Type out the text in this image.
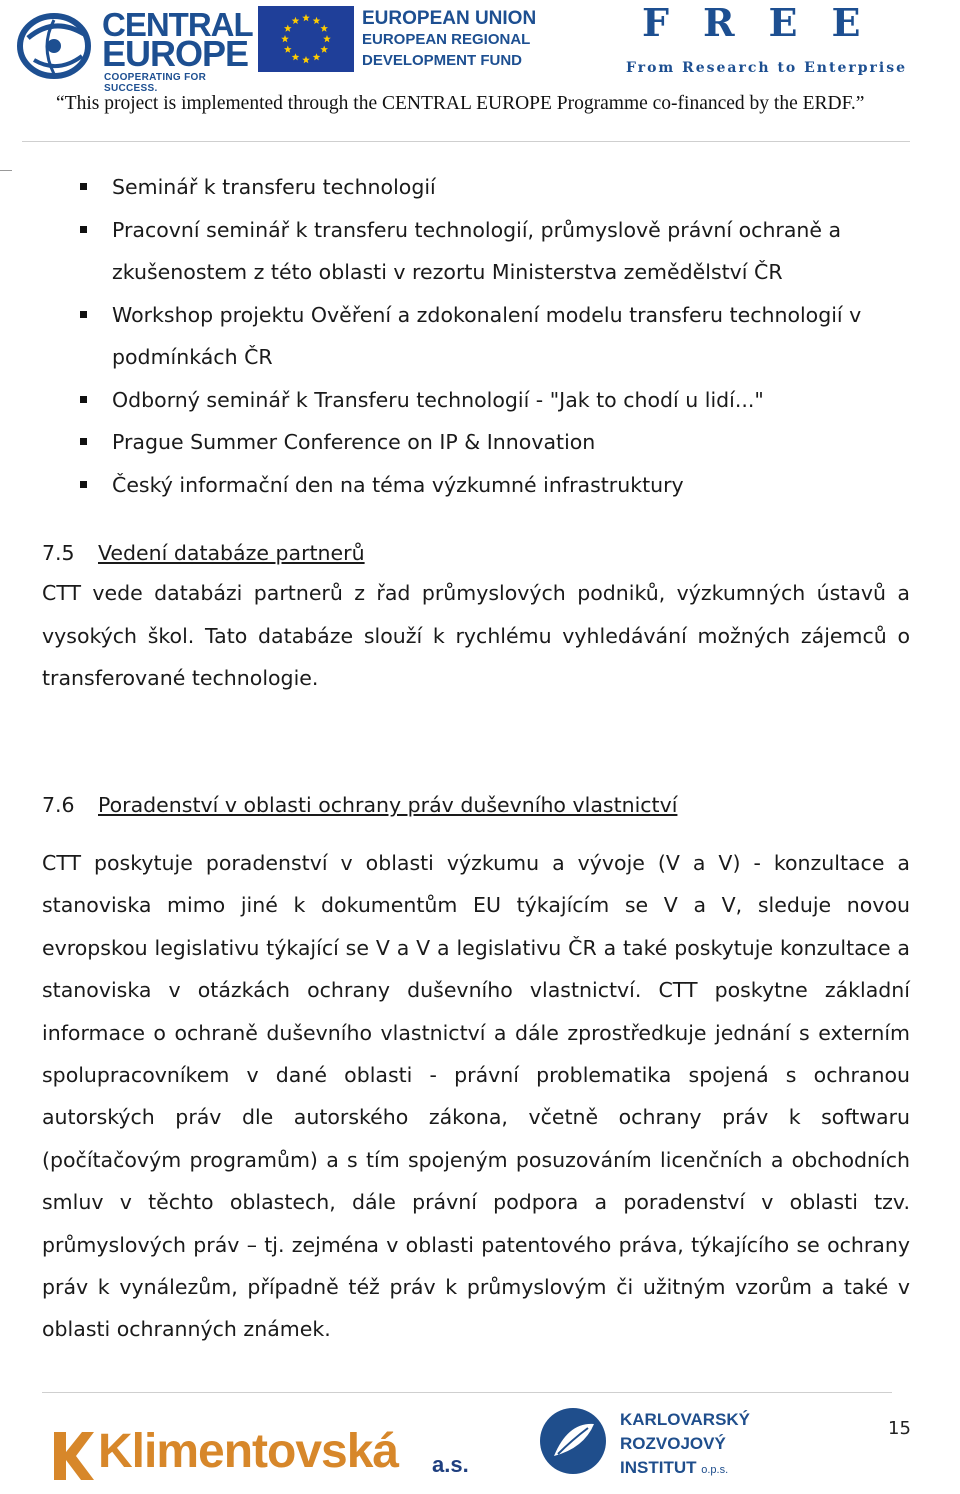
CENTRAL
EUROPE
COOPERATING FOR SUCCESS.
EUROPEAN UNION
EUROPEAN REGIONAL
DEVELOPMENT FUND
FREE
From Research to Enterprise
“This project is implemented through the CENTRAL EUROPE Programme co-financed by the ERDF.”
Seminář k transferu technologií
Pracovní seminář k transferu technologií, průmyslově právní ochraně a zkušenostem z této oblasti v rezortu Ministerstva zemědělství ČR
Workshop projektu Ověření a zdokonalení modelu transferu technologií v podmínkách ČR
Odborný seminář k Transferu technologií - "Jak to chodí u lidí..."
Prague Summer Conference on IP & Innovation
Český informační den na téma výzkumné infrastruktury
7.5 Vedení databáze partnerů

CTT vede databázi partnerů z řad průmyslových podniků, výzkumných ústavů a vysokých škol. Tato databáze slouží k rychlému vyhledávání možných zájemců o transferované technologie.

7.6 Poradenství v oblasti ochrany práv duševního vlastnictví

CTT poskytuje poradenství v oblasti výzkumu a vývoje (V a V) - konzultace a stanoviska mimo jiné k dokumentům EU týkajícím se V a V, sleduje novou evropskou legislativu týkající se V a V a legislativu ČR a také poskytuje konzultace a stanoviska v otázkách ochrany duševního vlastnictví. CTT poskytne základní informace o ochraně duševního vlastnictví a dále zprostředkuje jednání s externím spolupracovníkem v dané oblasti - právní problematika spojená s ochranou autorských práv dle autorského zákona, včetně ochrany práv k softwaru (počítačovým programům) a s tím spojeným posuzováním licenčních a obchodních smluv v těchto oblastech, dále právní podpora a poradenství v oblasti tzv. průmyslových práv – tj. zejména v oblasti patentového práva, týkajícího se ochrany práv k vynálezům, případně též práv k průmyslovým či užitným vzorům a také v oblasti ochranných známek.

15
Klimentovská a.s.
KARLOVARSKÝ
ROZVOJOVÝ
INSTITUT o.p.s.
